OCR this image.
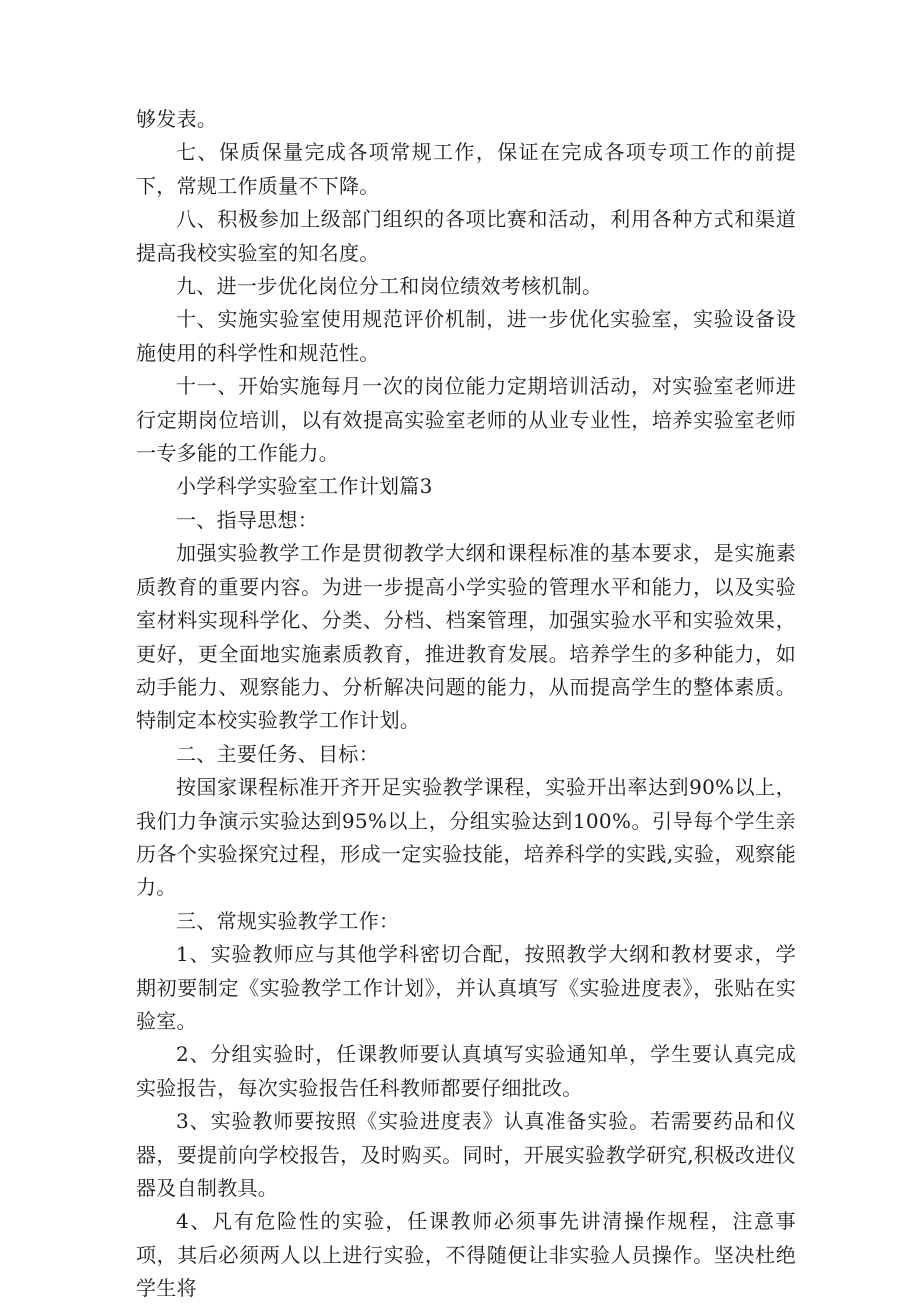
够发表。

七、保质保量完成各项常规工作，保证在完成各项专项工作的前提下，常规工作质量不下降。

八、积极参加上级部门组织的各项比赛和活动，利用各种方式和渠道提高我校实验室的知名度。

九、进一步优化岗位分工和岗位绩效考核机制。

十、实施实验室使用规范评价机制，进一步优化实验室，实验设备设施使用的科学性和规范性。

十一、开始实施每月一次的岗位能力定期培训活动，对实验室老师进行定期岗位培训，以有效提高实验室老师的从业专业性，培养实验室老师一专多能的工作能力。

小学科学实验室工作计划篇3

一、指导思想：

加强实验教学工作是贯彻教学大纲和课程标准的基本要求，是实施素质教育的重要内容。为进一步提高小学实验的管理水平和能力，以及实验室材料实现科学化、分类、分档、档案管理，加强实验水平和实验效果，更好，更全面地实施素质教育，推进教育发展。培养学生的多种能力，如动手能力、观察能力、分析解决问题的能力，从而提高学生的整体素质。特制定本校实验教学工作计划。

二、主要任务、目标：

按国家课程标准开齐开足实验教学课程，实验开出率达到90%以上，我们力争演示实验达到95%以上，分组实验达到100%。引导每个学生亲历各个实验探究过程，形成一定实验技能，培养科学的实践,实验，观察能力。

三、常规实验教学工作：

1、实验教师应与其他学科密切合配，按照教学大纲和教材要求，学期初要制定《实验教学工作计划》，并认真填写《实验进度表》，张贴在实验室。

2、分组实验时，任课教师要认真填写实验通知单，学生要认真完成实验报告，每次实验报告任科教师都要仔细批改。

3、实验教师要按照《实验进度表》认真准备实验。若需要药品和仪器，要提前向学校报告，及时购买。同时，开展实验教学研究,积极改进仪器及自制教具。

4、凡有危险性的实验，任课教师必须事先讲清操作规程，注意事项，其后必须两人以上进行实验，不得随便让非实验人员操作。坚决杜绝学生将
